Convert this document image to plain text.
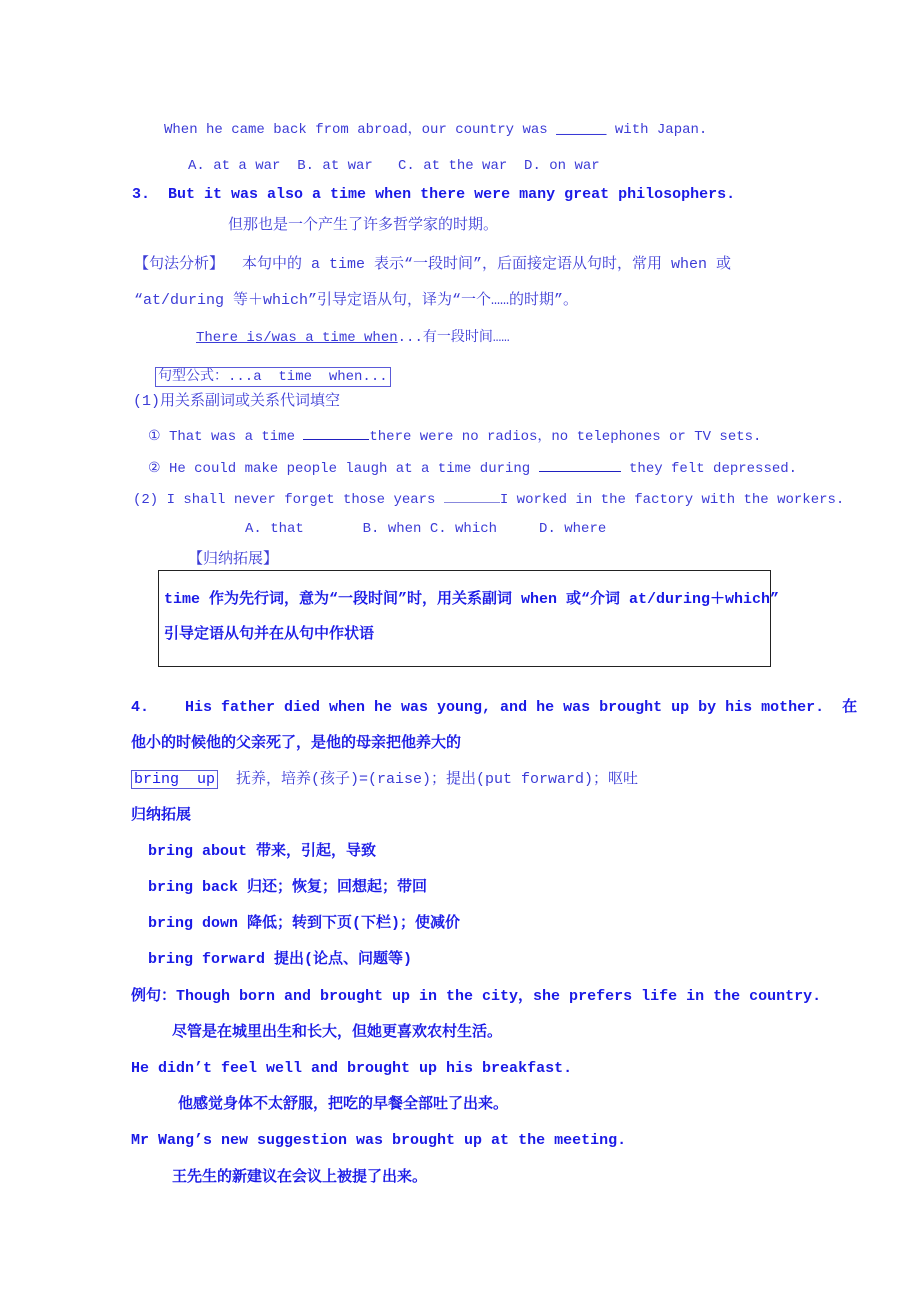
When he came back from abroad，our country was ______ with Japan.
A. at a war  B. at war   C. at the war  D. on war
3. But it was also a time when there were many great philosophers.
但那也是一个产生了许多哲学家的时期。
【句法分析】  本句中的 a time 表示“一段时间”，后面接定语从句时，常用 when 或
“at/during 等＋which”引导定语从句，译为“一个……的时期”。
There is/was a time when...有一段时间……
句型公式：...a  time  when...
(1)用关系副词或关系代词填空
① That was a time	there were no radios，no telephones or TV sets.
② He could make people laugh at a time during	they felt depressed.
(2) I shall never forget those years	I worked in the factory with the workers.
A. that       B. when C. which     D. where
【归纳拓展】
time 作为先行词，意为“一段时间”时，用关系副词 when 或“介词 at/during＋which”
引导定语从句并在从句中作状语
4.    His father died when he was young, and he was brought up by his mother.  在
他小的时候他的父亲死了，是他的母亲把他养大的
bring  up  抚养，培养(孩子)=(raise)；提出(put forward)；呕吐
归纳拓展
bring about 带来，引起，导致
bring back 归还；恢复；回想起；带回
bring down 降低；转到下页(下栏)；使减价
bring forward 提出(论点、问题等)
例句：Though born and brought up in the city，she prefers life in the country.
尽管是在城里出生和长大，但她更喜欢农村生活。
He didn’t feel well and brought up his breakfast.
他感觉身体不太舒服，把吃的早餐全部吐了出来。
Mr Wang’s new suggestion was brought up at the meeting.
王先生的新建议在会议上被提了出来。
